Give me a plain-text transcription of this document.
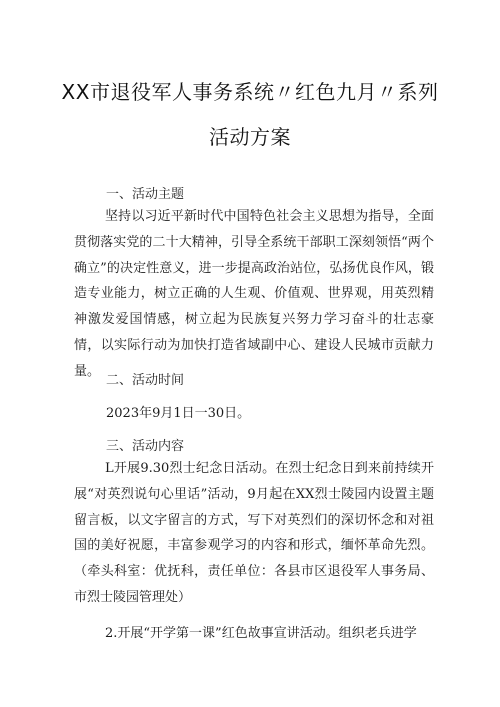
XX市退役军人事务系统〃红色九月〃系列
活动方案
一、活动主题

坚持以习近平新时代中国特色社会主义思想为指导，全面贯彻落实党的二十大精神，引导全系统干部职工深刻领悟“两个确立”的决定性意义，进一步提高政治站位，弘扬优良作风，锻造专业能力，树立正确的人生观、价值观、世界观，用英烈精神激发爱国情感，树立起为民族复兴努力学习奋斗的壮志豪情，以实际行动为加快打造省域副中心、建设人民城市贡献力量。

二、活动时间
2023年9月1日一30日。
三、活动内容

L开展9.30烈士纪念日活动。在烈士纪念日到来前持续开展“对英烈说句心里话”活动，9月起在XX烈士陵园内设置主题留言板，以文字留言的方式，写下对英烈们的深切怀念和对祖国的美好祝愿，丰富参观学习的内容和形式，缅怀革命先烈。（牵头科室：优抚科，责任单位：各县市区退役军人事务局、市烈士陵园管理处）

2.开展“开学第一课”红色故事宣讲活动。组织老兵进学
